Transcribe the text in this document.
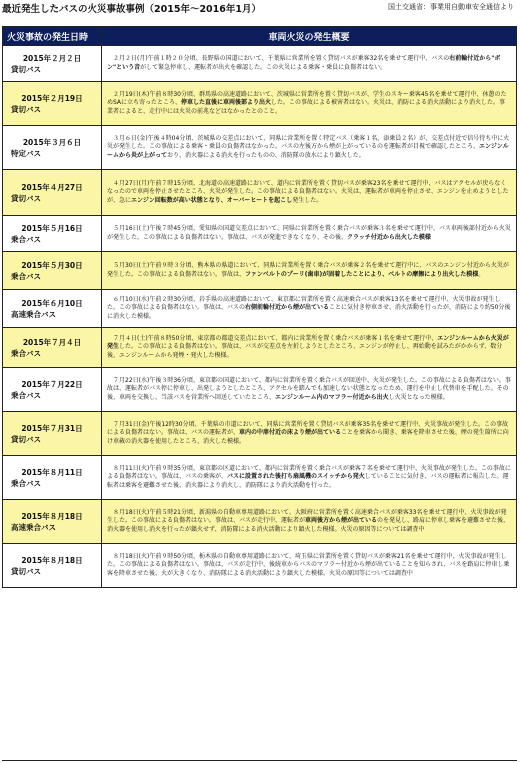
最近発生したバスの火災事故事例（2015年～2016年1月）	国土交通省：事業用自動車安全通信より
火災事故の発生日時	車両火災の発生概要

2015年２月２日
貸切バス	２月２日(月)午前１時２０分頃、長野県の国道において、千葉県に営業所を置く貸切バスが乗客32名を乗せて運行中、バスの右前輪付近から"ボン"という音がして緊急停車し、運転者が出火を確認した。この火災による乗客・乗員に負傷者はない。

2015年２月19日
貸切バス	２月19日(木)午前８時30分頃、群馬県の高速道路において、茨城県に営業所を置く貸切バスが、学生のスキー乗客45名を乗せて運行中、休憩のためSAに立ち寄ったところ、停車した直後に車両後部より出火した。この事故による被害者はない。火災は、消防による消火活動により消火した。事業者によると、走行中には火災の前兆などはなかったとのこと。

2015年３月６日
特定バス	３月６日(金)午後４時04分頃、茨城県の交差点において、同県に営業所を置く特定バス（乗客１名、添乗員２名）が、交差点付近で信号待ち中に火災が発生した。この事故による乗客・乗員の負傷者はなかった。バスの左後方から煙が上がっているのを運転者が目視で確認したところ、エンジンルームから炎が上がっており、消火器による消火を行ったものの、消防隊の放水により鎮火した。

2015年４月27日
貸切バス	４月27日(月)午前７時15分頃、北海道の高速道路において、道内に営業所を置く貸切バスが乗客23名を乗せて運行中、バスはアクセルが戻らなくなったので車両を停止させたところ、火災が発生した。この事故による負傷者はない。火災は、運転者が車両を停止させ、エンジンを止めようとしたが、急にエンジン回転数が高い状態となり、オーバーヒートを起こし発生した。

2015年５月16日
乗合バス	５月16日(土)午後７時45分頃、愛知県の国道交差点において、同県に営業所を置く乗合バスが乗客３名を乗せて運行中、バス車両後部付近から火災が発生した。この事故による負傷者はない。事故は、バスが発進できなくなり、その後、クラッチ付近から出火した模様

2015年５月30日
乗合バス	５月30日(土)午前９時３分頃、熊本県の県道において、同県に営業所を置く乗合バスが乗客２名を乗せて運行中に、バスのエンジン付近から火災が発生した。この事故による負傷者はない。事故は、ファンベルトのプーリ(歯車)が固着したことにより、ベルトの摩擦により出火した模様。

2015年６月10日
高速乗合バス	６月10日(水)午前２時30分頃、岩手県の高速道路において、東京都に営業所を置く高速乗合バスが乗客13名を乗せて運行中、火災事故が発生した。この事故による負傷者はない。事故は、バスの右側前輪付近から煙が出ていることに気付き停車させ、消火活動を行ったが、消防により約50分後に消火した模様。

2015年７月４日
乗合バス	７月４日(土)午前８時50分頃、東京都の都道交差点において、都内に営業所を置く乗合バスが乗客１名を乗せて運行中、エンジンルームから火災が発生した。この事故による負傷者はない。事故は、バスが交差点を左折しようとしたところ、エンジンが停止し、再始動を試みたがかからず、数分後、エンジンルームから発煙・発火した模様。

2015年７月22日
乗合バス	７月22日(水)午後３時36分頃、東京都の国道において、都内に営業所を置く乗合バスが回送中、火災が発生した。この事故による負傷者はない。事故は、運転者がバス停に停車し、出発しようとしたところ、アクセルを踏んでも加速しない状態となったため、運行を中止し代替車を手配した。その後、車両を交換し、当該バスを営業所へ回送していたところ、エンジンルーム内のマフラー付近から出火し火災となった模様。

2015年７月31日
貸切バス	７月31日(金)午後12時30分頃、千葉県の市道において、同県に営業所を置く貸切バスが乗客35名を乗せて運行中、火災事故が発生した。この事故による負傷者はない。事故は、バスの運転者が、車内の中扉付近の床より煙が出ていることを乗客から聞き、乗客を降車させた後、煙の発生箇所に向け車載の消火器を使用したところ、消火した模様。

2015年８月11日
乗合バス	８月11日(火)午前９時35分頃、東京都の区道において、都内に営業所を置く乗合バスが乗客７名を乗せて運行中、火災事故が発生した。この事故による負傷者はない。事故は、バスの乗客が、バスに設置された後打ち扇風機のスイッチから発火していることに気付き、バスの運転者に報告した。運転者は乗客を避難させた後、消火器により消火し、消防隊により消火活動を行った。

2015年８月18日
高速乗合バス	８月18日(火)午前５時21分頃、新潟県の自動車専用道路において、大阪府に営業所を置く高速乗合バスが乗客33名を乗せて運行中、火災事故が発生した。この事故による負傷者はない。事故は、バスが走行中、運転者が車両後方から煙が出ているのを発見し、路肩に停車し乗客を避難させた後、消火器を使用し消火を行ったが鎮火せず、消防隊による消火活動により鎮火した模様。火災の原因等については調査中

2015年８月18日
貸切バス	８月18日(火)午前９時50分頃、栃木県の自動車専用道路において、埼玉県に営業所を置く貸切バスが乗客21名を乗せて運行中、火災事故が発生した。この事故による負傷者はない。事故は、バスが走行中、後続車からバスのマフラー付近から煙が出ていることを知らされ、バスを路肩に停車し乗客を降車させた後、火が大きくなり、消防隊による消火活動により鎮火した模様。火災の原因等については調査中
